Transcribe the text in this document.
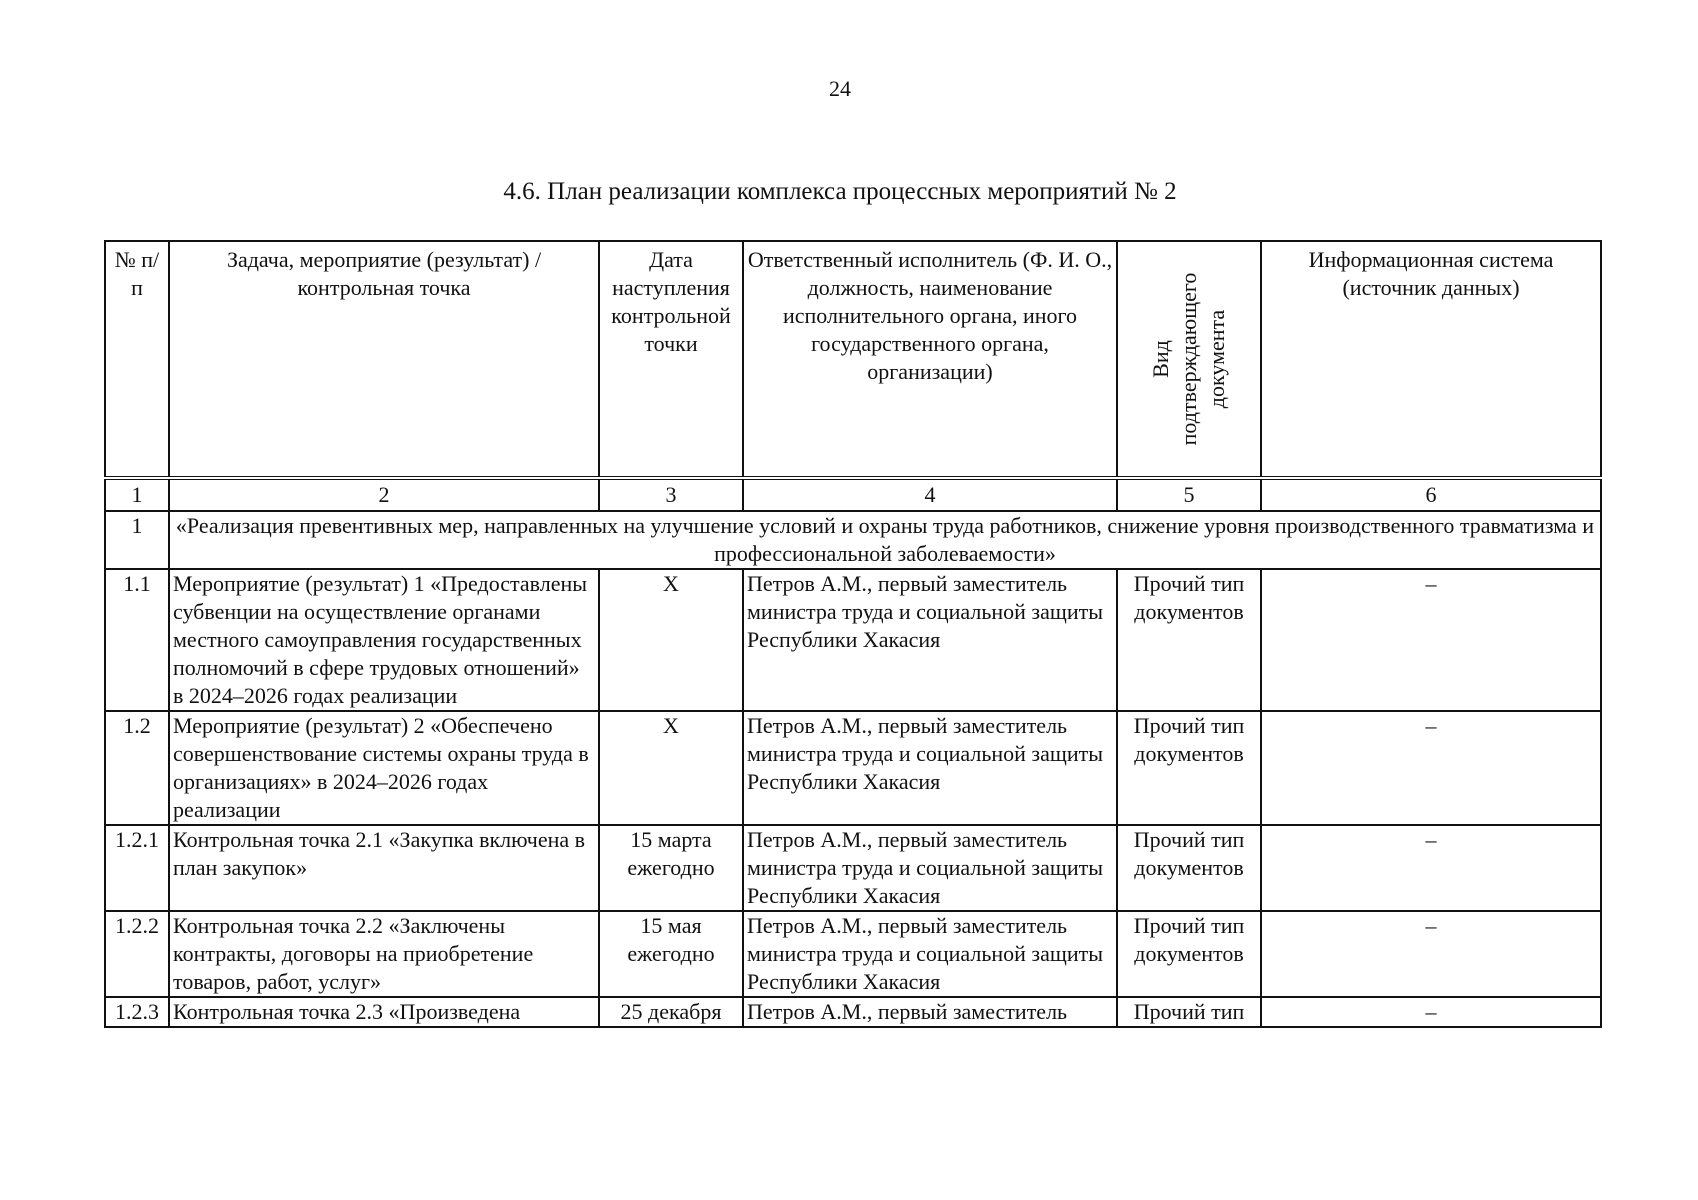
24
4.6. План реализации комплекса процессных мероприятий № 2
№ п/п	Задача, мероприятие (результат) / контрольная точка	Дата наступления контрольной точки	Ответственный исполнитель (Ф. И. О., должность, наименование исполнительного органа, иного государственного органа, организации)	Вид подтверждающего документа	Информационная система (источник данных)
1	2	3	4	5	6
1	«Реализация превентивных мер, направленных на улучшение условий и охраны труда работников, снижение уровня производственного травматизма и профессиональной заболеваемости»				
1.1	Мероприятие (результат) 1 «Предоставлены субвенции на осуществление органами местного самоуправления государственных полномочий в сфере трудовых отношений» в 2024–2026 годах реализации	X	Петров А.М., первый заместитель министра труда и социальной защиты Республики Хакасия	Прочий тип документов	–
1.2	Мероприятие (результат) 2 «Обеспечено совершенствование системы охраны труда в организациях» в 2024–2026 годах реализации	X	Петров А.М., первый заместитель министра труда и социальной защиты Республики Хакасия	Прочий тип документов	–
1.2.1	Контрольная точка 2.1 «Закупка включена в план закупок»	15 марта ежегодно	Петров А.М., первый заместитель министра труда и социальной защиты Республики Хакасия	Прочий тип документов	–
1.2.2	Контрольная точка 2.2 «Заключены контракты, договоры на приобретение товаров, работ, услуг»	15 мая ежегодно	Петров А.М., первый заместитель министра труда и социальной защиты Республики Хакасия	Прочий тип документов	–
1.2.3	Контрольная точка 2.3 «Произведена	25 декабря	Петров А.М., первый заместитель	Прочий тип	–
